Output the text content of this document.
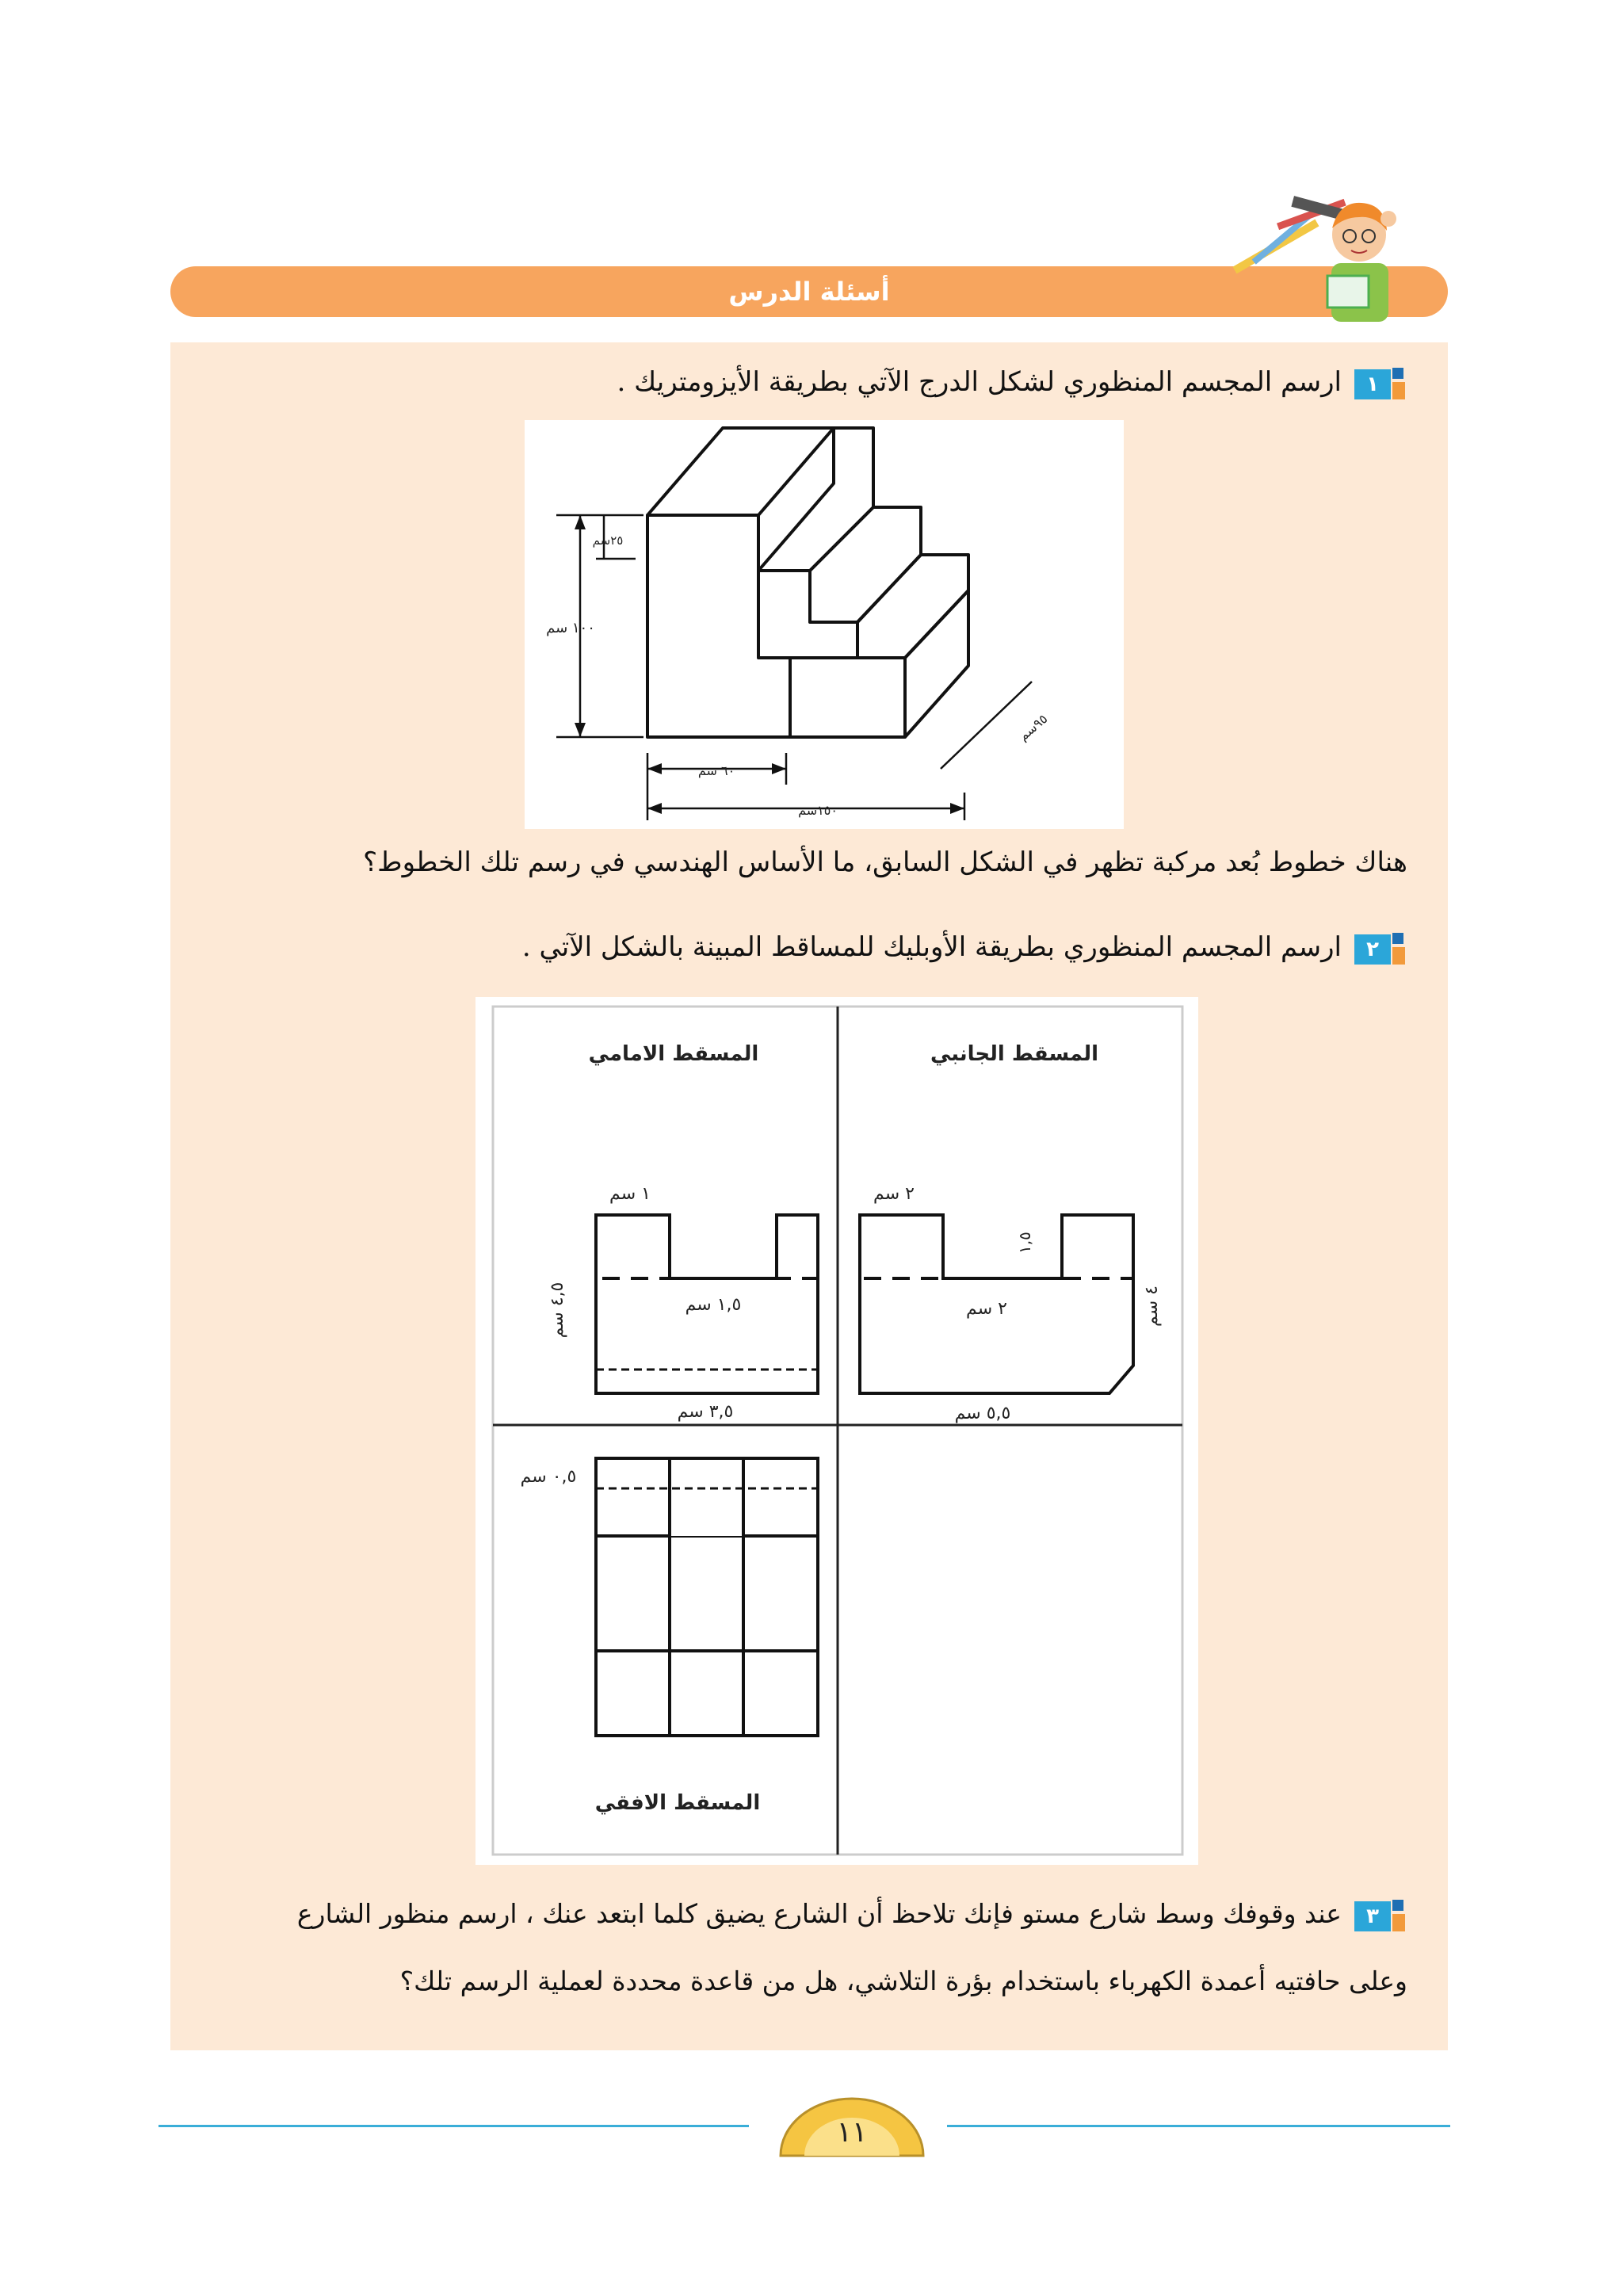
أسئلة الدرس
١
ارسم المجسم المنظوري لشكل الدرج الآتي بطريقة الأيزومتريك .
١٠٠ سم
٢٥سم
٦٠ سم
١٥٠سم
٩٥سم
هناك خطوط بُعد مركبة تظهر في الشكل السابق، ما الأساس الهندسي في رسم تلك الخطوط؟
٢
ارسم المجسم المنظوري بطريقة الأوبليك للمساقط المبينة بالشكل الآتي .
المسقط الامامي
١ سم
٤,٥ سم	١,٥ سم
٣,٥ سم
المسقط الجانبي
٢ سم
١,٥
٤ سم
٢ سم
٥,٥ سم
٠,٥ سم
المسقط الافقي
٣
عند وقوفك وسط شارع مستو فإنك تلاحظ أن الشارع يضيق كلما ابتعد عنك ، ارسم منظور الشارع
وعلى حافتيه أعمدة الكهرباء باستخدام بؤرة التلاشي، هل من قاعدة محددة لعملية الرسم تلك؟
١١
